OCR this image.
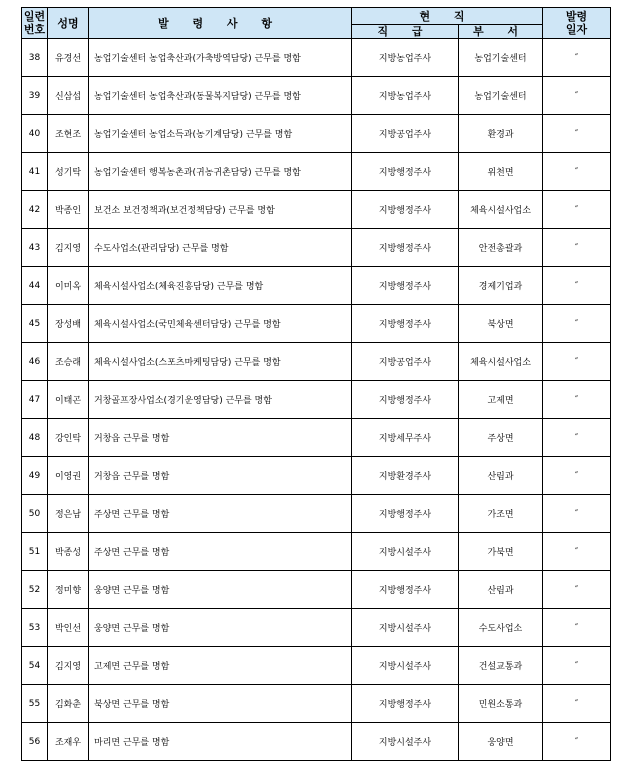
일련
번호	성명	발 령 사 항	현 직		발령
일자
			직 급	부 서	
38	유경선	농업기술센터 농업축산과(가축방역담당) 근무를 명함	지방농업주사	농업기술센터	″
39	신삼섭	농업기술센터 농업축산과(동물복지담당) 근무를 명함	지방농업주사	농업기술센터	″
40	조현조	농업기술센터 농업소득과(농기계담당) 근무를 명함	지방공업주사	환경과	″
41	성기탁	농업기술센터 행복농촌과(귀농귀촌담당) 근무를 명함	지방행정주사	위천면	″
42	박종인	보건소 보건정책과(보건정책담당) 근무를 명함	지방행정주사	체육시설사업소	″
43	김지영	수도사업소(관리담당) 근무를 명함	지방행정주사	안전총괄과	″
44	이미옥	체육시설사업소(체육진흥담당) 근무를 명함	지방행정주사	경제기업과	″
45	장성배	체육시설사업소(국민체육센터담당) 근무를 명함	지방행정주사	북상면	″
46	조승래	체육시설사업소(스포츠마케팅담당) 근무를 명함	지방공업주사	체육시설사업소	″
47	이태곤	거창골프장사업소(경기운영담당) 근무를 명함	지방행정주사	고제면	″
48	강인탁	거창읍 근무를 명함	지방세무주사	주상면	″
49	이영권	거창읍 근무를 명함	지방환경주사	산림과	″
50	정은남	주상면 근무를 명함	지방행정주사	가조면	″
51	박종성	주상면 근무를 명함	지방시설주사	가북면	″
52	정미향	웅양면 근무를 명함	지방행정주사	산림과	″
53	박인선	웅양면 근무를 명함	지방시설주사	수도사업소	″
54	김지영	고제면 근무를 명함	지방시설주사	건설교통과	″
55	김화춘	북상면 근무를 명함	지방행정주사	민원소통과	″
56	조재우	마리면 근무를 명함	지방시설주사	웅양면	″
